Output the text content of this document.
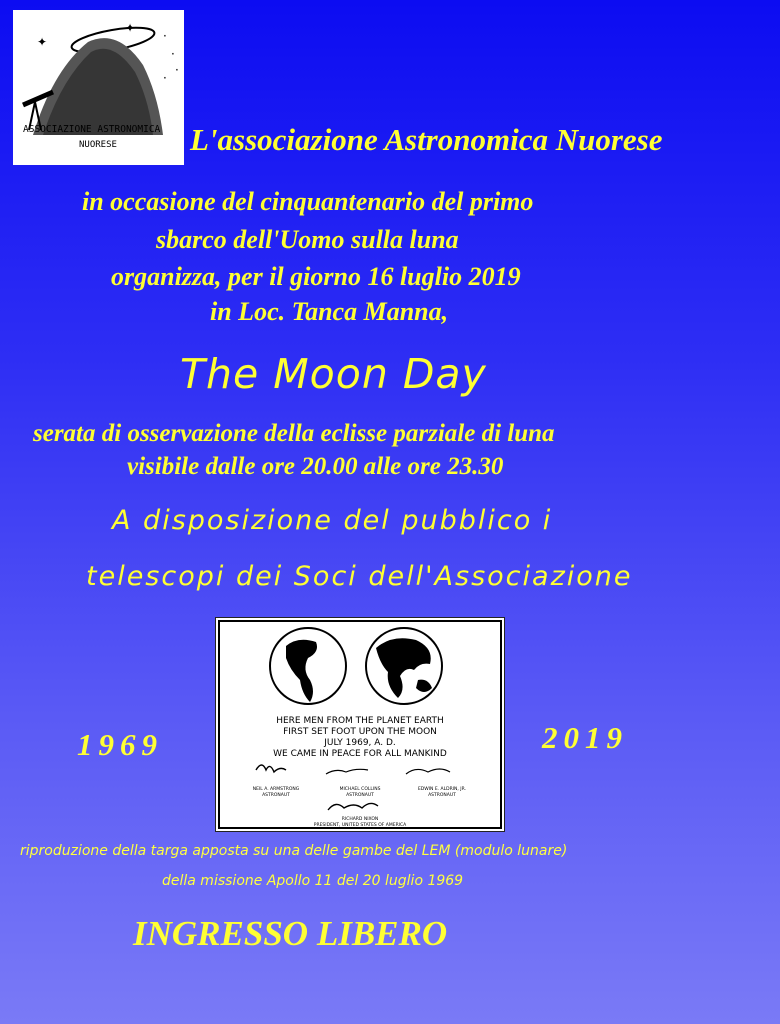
✦
✦
·
·
·
·
ASSOCIAZIONE ASTRONOMICA
NUORESE L'associazione Astronomica Nuorese
in occasione del cinquantenario del primo
sbarco dell'Uomo sulla luna
organizza, per il giorno 16 luglio 2019
in Loc. Tanca Manna,
The Moon Day
serata di osservazione della eclisse parziale di luna
visibile dalle ore 20.00 alle ore 23.30
A disposizione del pubblico i
telescopi dei Soci dell'Associazione
HERE MEN FROM THE PLANET EARTH
FIRST SET FOOT UPON THE MOON
JULY 1969, A. D.
WE CAME IN PEACE FOR ALL MANKIND
NEIL A. ARMSTRONG
ASTRONAUT
MICHAEL COLLINS
ASTRONAUT
EDWIN E. ALDRIN, JR.
ASTRONAUT
RICHARD NIXON
PRESIDENT, UNITED STATES OF AMERICA
1969	2019
riproduzione della targa apposta su una delle gambe del LEM (modulo lunare)
della missione Apollo 11 del 20 luglio 1969
INGRESSO LIBERO
